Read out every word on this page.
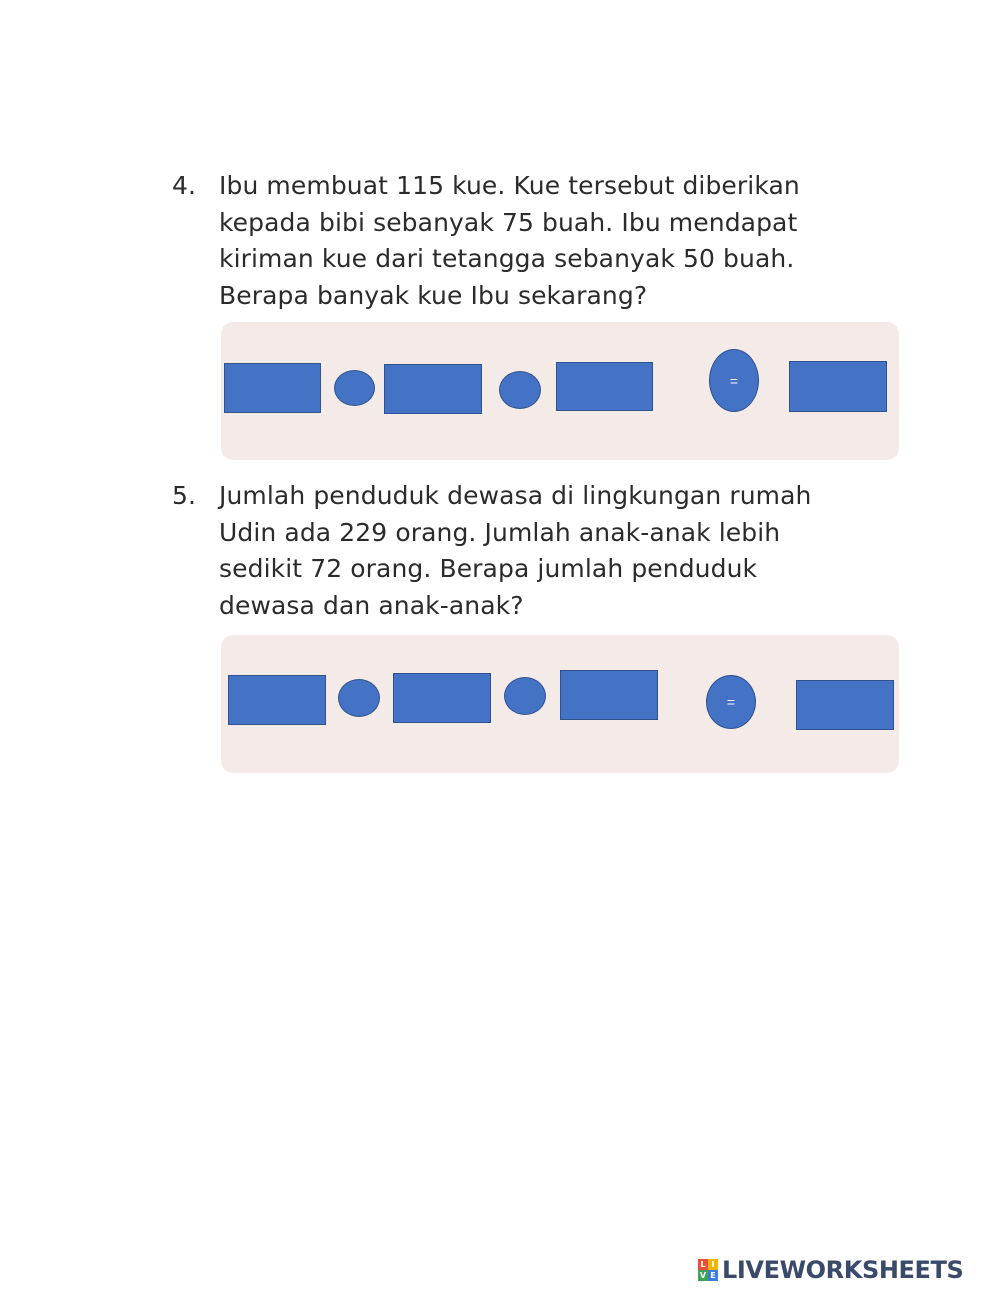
4. Ibu membuat 115 kue. Kue tersebut diberikan
kepada bibi sebanyak 75 buah. Ibu mendapat
kiriman kue dari tetangga sebanyak 50 buah.
Berapa banyak kue Ibu sekarang?
=
5. Jumlah penduduk dewasa di lingkungan rumah
Udin ada 229 orang. Jumlah anak-anak lebih
sedikit 72 orang. Berapa jumlah penduduk
dewasa dan anak-anak?
=
L I
V E LIVEWORKSHEETS
